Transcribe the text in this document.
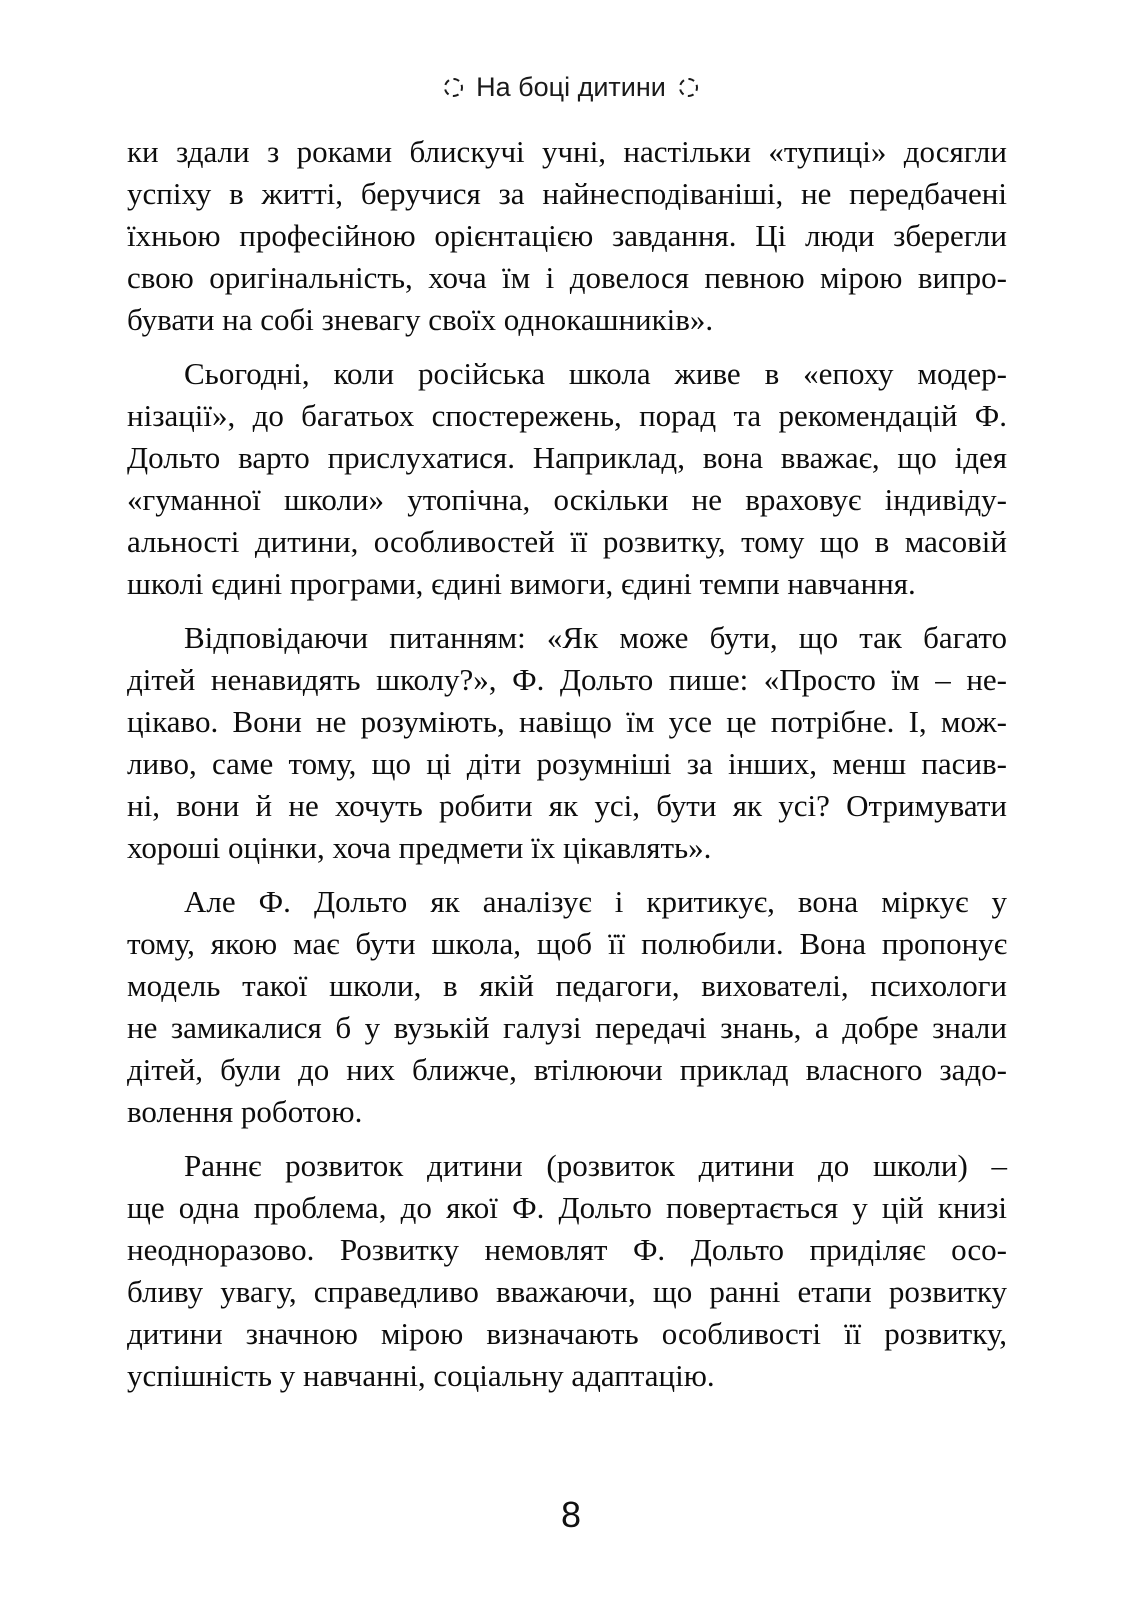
На боці дитини
ки здали з роками блискучі учні, настільки «тупиці» досягли
успіху в житті, беручися за найнесподіваніші, не передбачені
їхньою професійною орієнтацією завдання. Ці люди зберегли
свою оригінальність, хоча їм і довелося певною мірою випро-
бувати на собі зневагу своїх однокашників».
Сьогодні, коли російська школа живе в «епоху модер-
нізації», до багатьох спостережень, порад та рекомендацій Ф.
Дольто варто прислухатися. Наприклад, вона вважає, що ідея
«гуманної школи» утопічна, оскільки не враховує індивіду-
альності дитини, особливостей її розвитку, тому що в масовій
школі єдині програми, єдині вимоги, єдині темпи навчання.
Відповідаючи питанням: «Як може бути, що так багато
дітей ненавидять школу?», Ф. Дольто пише: «Просто їм – не-
цікаво. Вони не розуміють, навіщо їм усе це потрібне. І, мож-
ливо, саме тому, що ці діти розумніші за інших, менш пасив-
ні, вони й не хочуть робити як усі, бути як усі? Отримувати
хороші оцінки, хоча предмети їх цікавлять».
Але Ф. Дольто як аналізує і критикує, вона міркує у
тому, якою має бути школа, щоб її полюбили. Вона пропонує
модель такої школи, в якій педагоги, вихователі, психологи
не замикалися б у вузькій галузі передачі знань, а добре знали
дітей, були до них ближче, втілюючи приклад власного задо-
волення роботою.
Раннє розвиток дитини (розвиток дитини до школи) –
ще одна проблема, до якої Ф. Дольто повертається у цій книзі
неодноразово. Розвитку немовлят Ф. Дольто приділяє осо-
бливу увагу, справедливо вважаючи, що ранні етапи розвитку
дитини значною мірою визначають особливості її розвитку,
успішність у навчанні, соціальну адаптацію.
8
